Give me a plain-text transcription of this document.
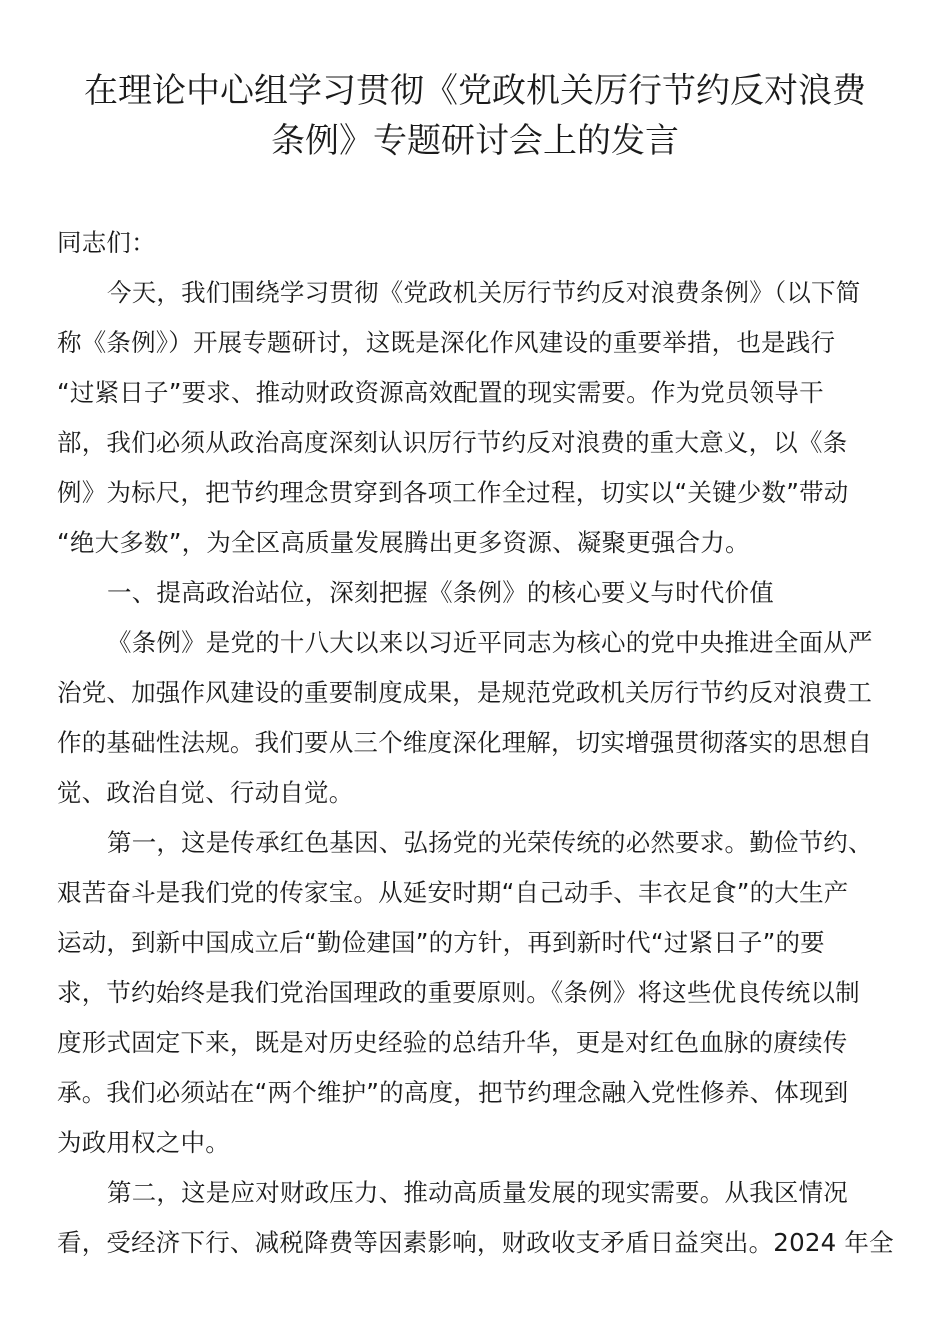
在理论中心组学习贯彻《党政机关厉行节约反对浪费
条例》专题研讨会上的发言
同志们：
今天，我们围绕学习贯彻《党政机关厉行节约反对浪费条例》（以下简
称《条例》）开展专题研讨，这既是深化作风建设的重要举措，也是践行
“过紧日子”要求、推动财政资源高效配置的现实需要。作为党员领导干
部，我们必须从政治高度深刻认识厉行节约反对浪费的重大意义，以《条
例》为标尺，把节约理念贯穿到各项工作全过程，切实以“关键少数”带动
“绝大多数”，为全区高质量发展腾出更多资源、凝聚更强合力。
一、提高政治站位，深刻把握《条例》的核心要义与时代价值
《条例》是党的十八大以来以习近平同志为核心的党中央推进全面从严
治党、加强作风建设的重要制度成果，是规范党政机关厉行节约反对浪费工
作的基础性法规。我们要从三个维度深化理解，切实增强贯彻落实的思想自
觉、政治自觉、行动自觉。
第一，这是传承红色基因、弘扬党的光荣传统的必然要求。勤俭节约、
艰苦奋斗是我们党的传家宝。从延安时期“自己动手、丰衣足食”的大生产
运动，到新中国成立后“勤俭建国”的方针，再到新时代“过紧日子”的要
求，节约始终是我们党治国理政的重要原则。《条例》将这些优良传统以制
度形式固定下来，既是对历史经验的总结升华，更是对红色血脉的赓续传
承。我们必须站在“两个维护”的高度，把节约理念融入党性修养、体现到
为政用权之中。
第二，这是应对财政压力、推动高质量发展的现实需要。从我区情况
看，受经济下行、减税降费等因素影响，财政收支矛盾日益突出。2024 年全
